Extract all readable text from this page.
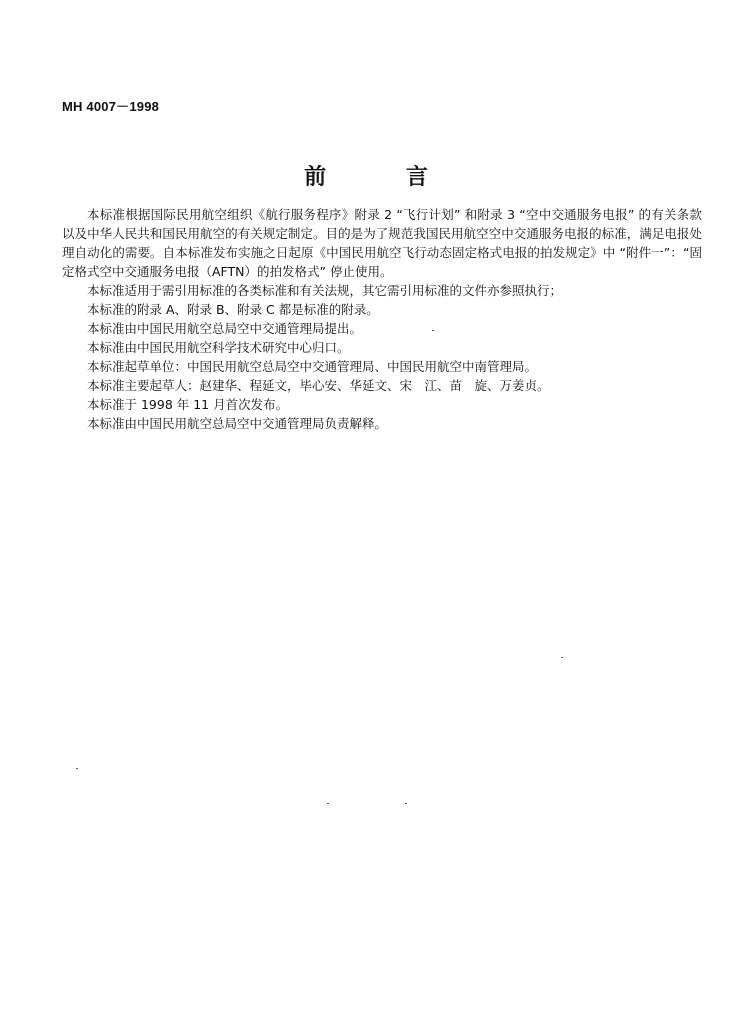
MH 4007－1998
前 言

本标准根据国际民用航空组织《航行服务程序》附录 2 “飞行计划” 和附录 3 “空中交通服务电报” 的有关条款以及中华人民共和国民用航空的有关规定制定。目的是为了规范我国民用航空空中交通服务电报的标准，满足电报处理自动化的需要。自本标准发布实施之日起原《中国民用航空飞行动态固定格式电报的拍发规定》中 “附件一”：“固定格式空中交通服务电报（AFTN）的拍发格式” 停止使用。

本标准适用于需引用标准的各类标准和有关法规，其它需引用标准的文件亦参照执行；

本标准的附录 A、附录 B、附录 C 都是标准的附录。

本标准由中国民用航空总局空中交通管理局提出。

本标准由中国民用航空科学技术研究中心归口。

本标准起草单位：中国民用航空总局空中交通管理局、中国民用航空中南管理局。

本标准主要起草人：赵建华、程延文，毕心安、华延文、宋　江、苗　旋、万姜贞。

本标准于 1998 年 11 月首次发布。

本标准由中国民用航空总局空中交通管理局负责解释。
